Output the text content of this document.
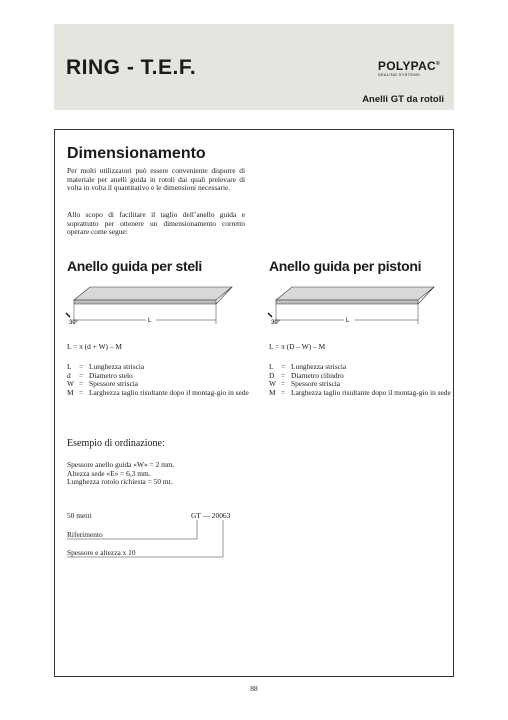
RING - T.E.F.	POLYPAC®
SEALING SYSTEMS
Anelli GT da rotoli
Dimensionamento
Per molti utilizzatori può essere conveniente disporre di materiale per anelli guida in rotoli dai quali prelevare di volta in volta il quantitativo e le dimensioni necessarie.
Allo scopo di facilitare il taglio dell’anello guida e soprattutto per ottenere un dimensionamento corretto operare come segue:
Anello guida per steli
30°	L
L = π (d + W) – M
L	=	Lunghezza striscia
d	=	Diametro stelo
W	=	Spessore striscia
M	=	Larghezza taglio risultante dopo il montag-gio in sede
Anello guida per pistoni
30°	L
L = π (D – W) – M
L	=	Lunghezza striscia
D	=	Diametro cilindro
W	=	Spessore striscia
M	=	Larghezza taglio risultante dopo il montag-gio in sede
Esempio di ordinazione:
Spessore anello guida «W» = 2 mm.
Altezza sede «E» = 6,3 mm.
Lunghezza rotolo richiesta = 50 mt.
50 metri	GT — 20063
Riferimento
Spessore e altezza x 10
88
